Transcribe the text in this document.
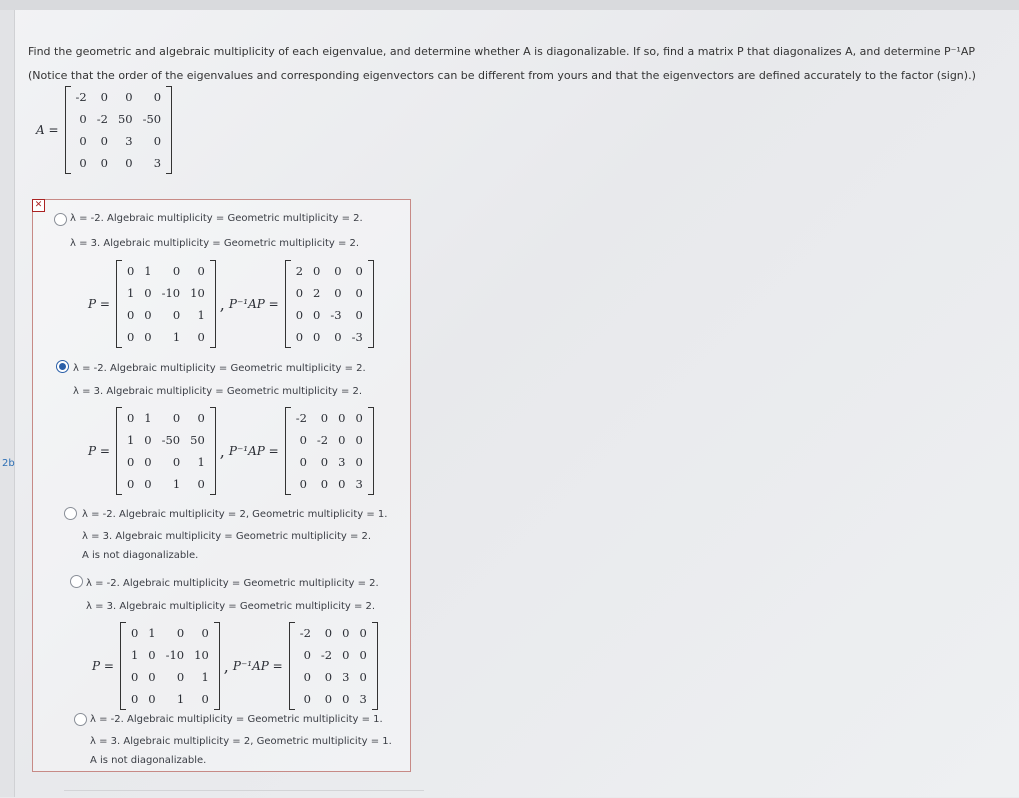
2b
Find the geometric and algebraic multiplicity of each eigenvalue, and determine whether A is diagonalizable. If so, find a matrix P that diagonalizes A, and determine P⁻¹AP
(Notice that the order of the eigenvalues and corresponding eigenvectors can be different from yours and that the eigenvectors are defined accurately to the factor (sign).)
A =
-2	0	0	0
0	-2	50	-50
0	0	3	0
0	0	0	3
✕
λ = -2. Algebraic multiplicity = Geometric multiplicity = 2.
λ = 3. Algebraic multiplicity = Geometric multiplicity = 2.
P =
0	1	0	0
1	0	-10	10
0	0	0	1
0	0	1	0
, P⁻¹AP =
2	0	0	0
0	2	0	0
0	0	-3	0
0	0	0	-3
λ = -2. Algebraic multiplicity = Geometric multiplicity = 2.
λ = 3. Algebraic multiplicity = Geometric multiplicity = 2.
P =
0	1	0	0
1	0	-50	50
0	0	0	1
0	0	1	0
, P⁻¹AP =
-2	0	0	0
0	-2	0	0
0	0	3	0
0	0	0	3
λ = -2. Algebraic multiplicity = 2, Geometric multiplicity = 1.
λ = 3. Algebraic multiplicity = Geometric multiplicity = 2.
A is not diagonalizable.
λ = -2. Algebraic multiplicity = Geometric multiplicity = 2.
λ = 3. Algebraic multiplicity = Geometric multiplicity = 2.
P =
0	1	0	0
1	0	-10	10
0	0	0	1
0	0	1	0
, P⁻¹AP =
-2	0	0	0
0	-2	0	0
0	0	3	0
0	0	0	3
λ = -2. Algebraic multiplicity = Geometric multiplicity = 1.
λ = 3. Algebraic multiplicity = 2, Geometric multiplicity = 1.
A is not diagonalizable.
